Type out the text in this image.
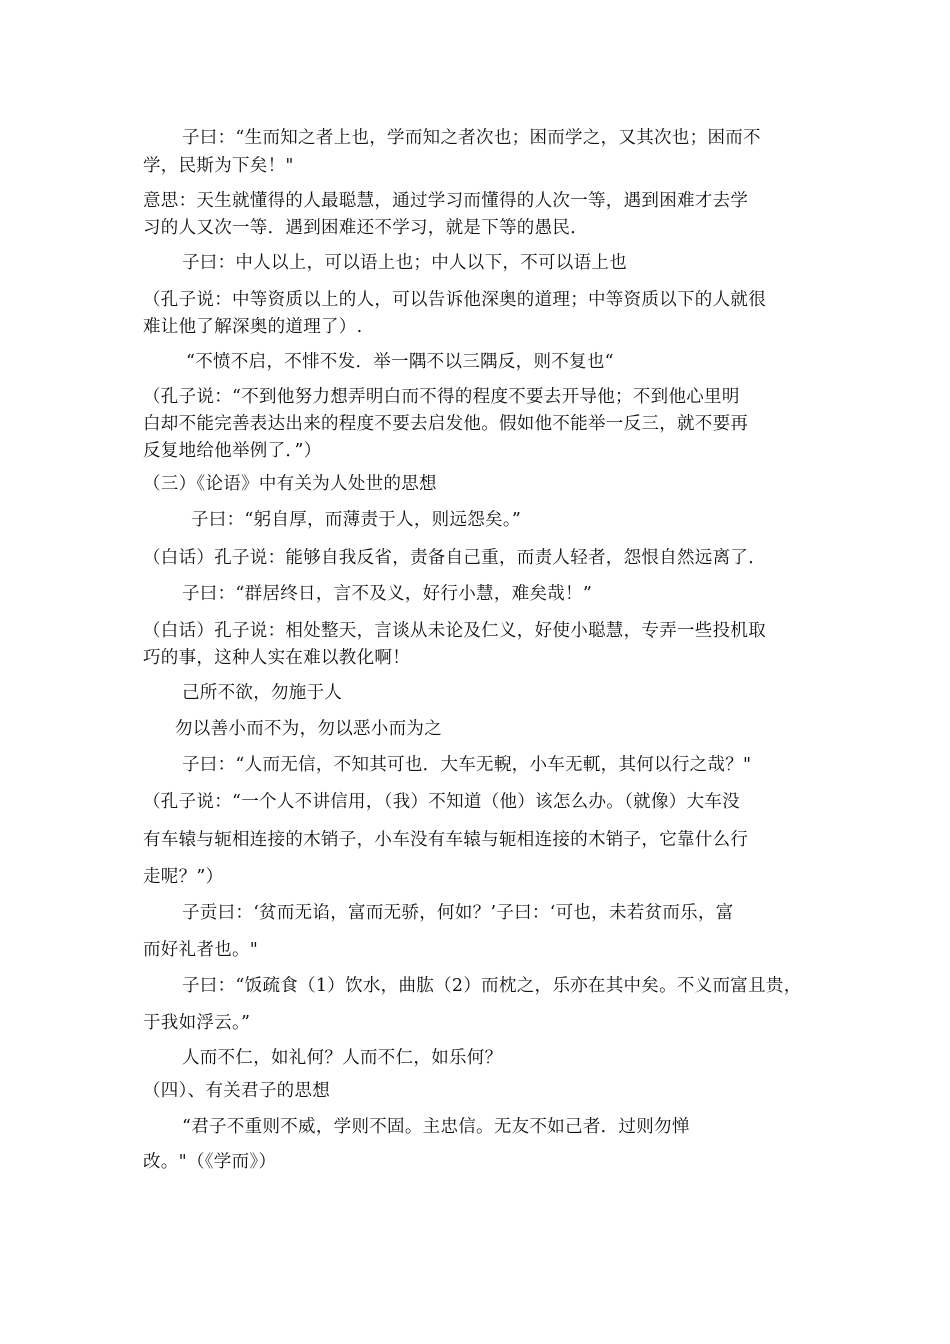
子曰：“生而知之者上也，学而知之者次也；困而学之，又其次也；困而不
学，民斯为下矣！"
意思：天生就懂得的人最聪慧，通过学习而懂得的人次一等，遇到困难才去学
习的人又次一等．遇到困难还不学习，就是下等的愚民．
子曰：中人以上，可以语上也；中人以下，不可以语上也
（孔子说：中等资质以上的人，可以告诉他深奥的道理；中等资质以下的人就很
难让他了解深奥的道理了）.
“不愤不启，不悱不发．举一隅不以三隅反，则不复也“
（孔子说：“不到他努力想弄明白而不得的程度不要去开导他；不到他心里明
白却不能完善表达出来的程度不要去启发他。假如他不能举一反三，就不要再
反复地给他举例了．”）
（三）《论语》中有关为人处世的思想
子曰：“躬自厚，而薄责于人，则远怨矣。”
（白话）孔子说：能够自我反省，责备自己重，而责人轻者，怨恨自然远离了．
子曰：“群居终日，言不及义，好行小慧，难矣哉！”
（白话）孔子说：相处整天，言谈从未论及仁义，好使小聪慧，专弄一些投机取
巧的事，这种人实在难以教化啊！
己所不欲，勿施于人
勿以善小而不为，勿以恶小而为之
子曰：“人而无信，不知其可也．大车无輗，小车无軏，其何以行之哉？"
（孔子说：“一个人不讲信用，（我）不知道（他）该怎么办。（就像）大车没
有车辕与轭相连接的木销子，小车没有车辕与轭相连接的木销子，它靠什么行
走呢？”）
子贡曰：‘贫而无谄，富而无骄，何如？’子曰：‘可也，未若贫而乐，富
而好礼者也。"
子曰：“饭疏食（1）饮水，曲肱（2）而枕之，乐亦在其中矣。不义而富且贵，
于我如浮云。”
人而不仁，如礼何？人而不仁，如乐何？
（四）、有关君子的思想
“君子不重则不威，学则不固。主忠信。无友不如己者．过则勿惮
改。"（《学而》）
